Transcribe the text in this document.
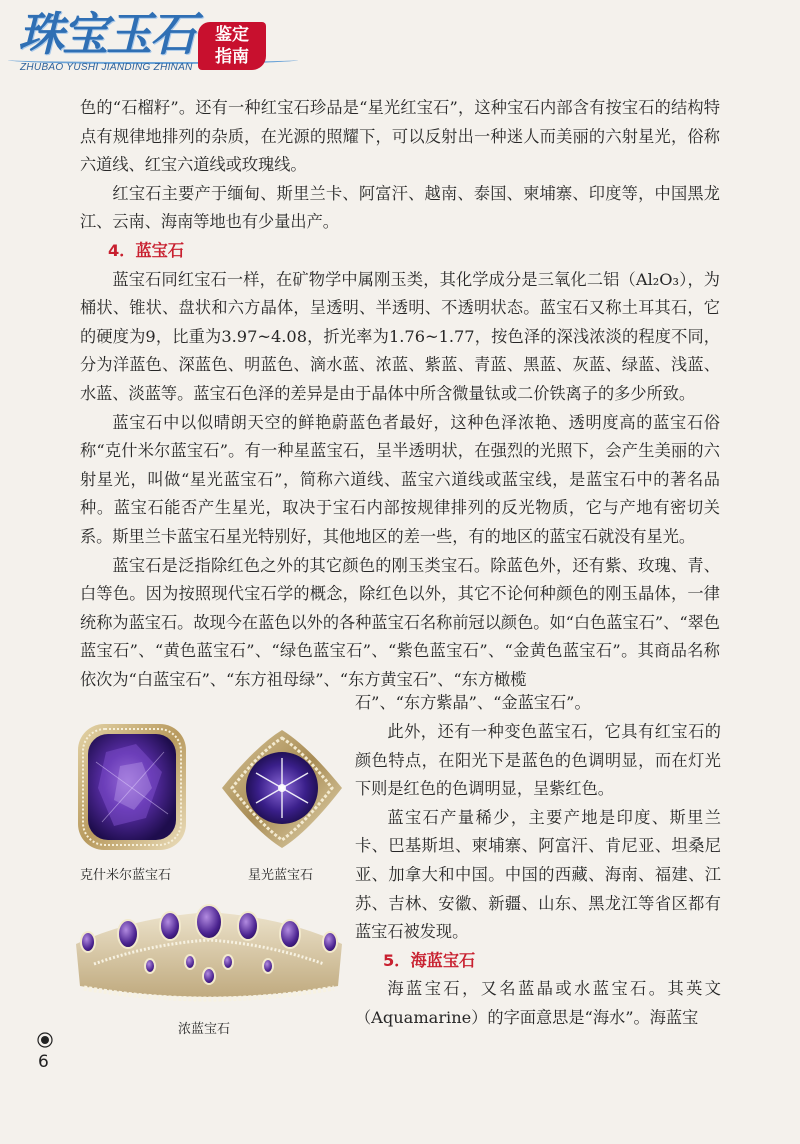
珠宝玉石	鉴定
指南
ZHUBAO YUSHI JIANDING ZHINAN

色的“石榴籽”。还有一种红宝石珍品是“星光红宝石”，这种宝石内部含有按宝石的结构特点有规律地排列的杂质，在光源的照耀下，可以反射出一种迷人而美丽的六射星光，俗称六道线、红宝六道线或玫瑰线。

红宝石主要产于缅甸、斯里兰卡、阿富汗、越南、泰国、柬埔寨、印度等，中国黑龙江、云南、海南等地也有少量出产。

4．蓝宝石

蓝宝石同红宝石一样，在矿物学中属刚玉类，其化学成分是三氧化二铝（Al₂O₃），为桶状、锥状、盘状和六方晶体，呈透明、半透明、不透明状态。蓝宝石又称土耳其石，它的硬度为9，比重为3.97~4.08，折光率为1.76~1.77，按色泽的深浅浓淡的程度不同，分为洋蓝色、深蓝色、明蓝色、滴水蓝、浓蓝、紫蓝、青蓝、黑蓝、灰蓝、绿蓝、浅蓝、水蓝、淡蓝等。蓝宝石色泽的差异是由于晶体中所含微量钛或二价铁离子的多少所致。

蓝宝石中以似晴朗天空的鲜艳蔚蓝色者最好，这种色泽浓艳、透明度高的蓝宝石俗称“克什米尔蓝宝石”。有一种星蓝宝石，呈半透明状，在强烈的光照下，会产生美丽的六射星光，叫做“星光蓝宝石”，简称六道线、蓝宝六道线或蓝宝线，是蓝宝石中的著名品种。蓝宝石能否产生星光，取决于宝石内部按规律排列的反光物质，它与产地有密切关系。斯里兰卡蓝宝石星光特别好，其他地区的差一些，有的地区的蓝宝石就没有星光。

蓝宝石是泛指除红色之外的其它颜色的刚玉类宝石。除蓝色外，还有紫、玫瑰、青、白等色。因为按照现代宝石学的概念，除红色以外，其它不论何种颜色的刚玉晶体，一律统称为蓝宝石。故现今在蓝色以外的各种蓝宝石名称前冠以颜色。如“白色蓝宝石”、“翠色蓝宝石”、“黄色蓝宝石”、“绿色蓝宝石”、“紫色蓝宝石”、“金黄色蓝宝石”。其商品名称依次为“白蓝宝石”、“东方祖母绿”、“东方黄宝石”、“东方橄榄

石”、“东方紫晶”、“金蓝宝石”。

此外，还有一种变色蓝宝石，它具有红宝石的颜色特点，在阳光下是蓝色的色调明显，而在灯光下则是红色的色调明显，呈紫红色。

蓝宝石产量稀少，主要产地是印度、斯里兰卡、巴基斯坦、柬埔寨、阿富汗、肯尼亚、坦桑尼亚、加拿大和中国。中国的西藏、海南、福建、江苏、吉林、安徽、新疆、山东、黑龙江等省区都有蓝宝石被发现。

5．海蓝宝石

海蓝宝石，又名蓝晶或水蓝宝石。其英文（Aquamarine）的字面意思是“海水”。海蓝宝

克什米尔蓝宝石	星光蓝宝石
浓蓝宝石
6
